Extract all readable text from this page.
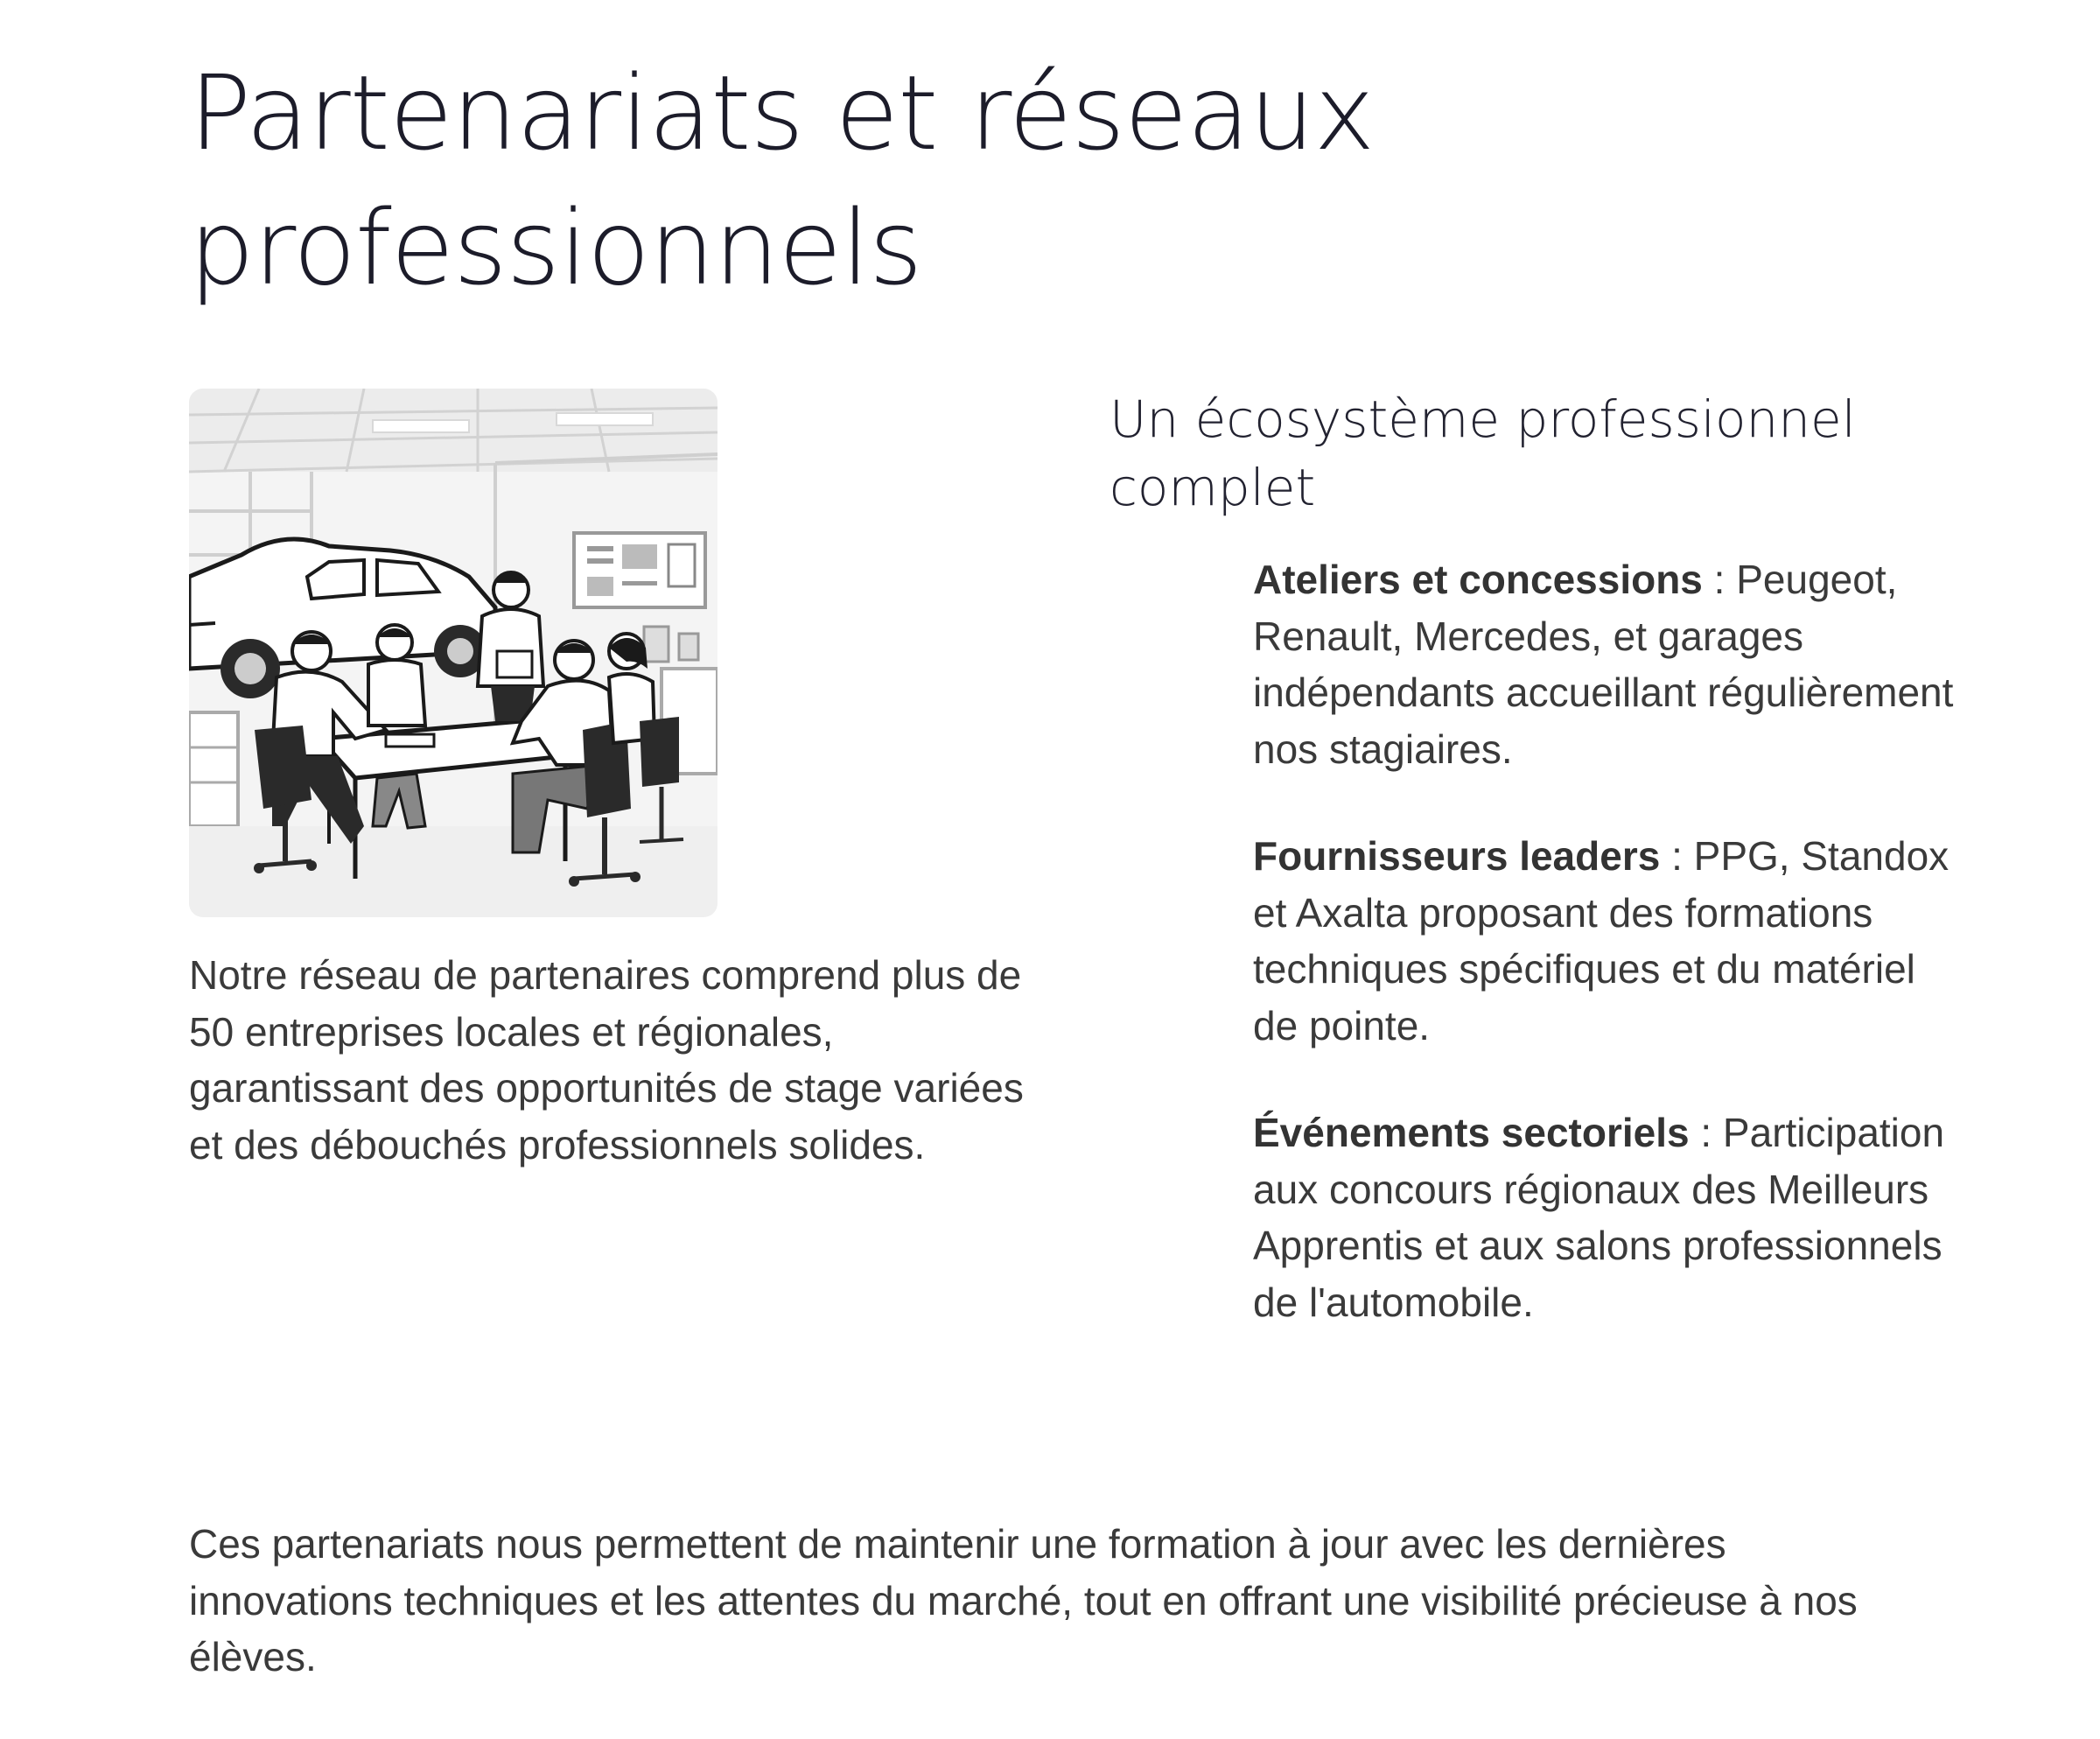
Partenariats et réseaux professionnels

Notre réseau de partenaires comprend plus de 50 entreprises locales et régionales, garantissant des opportunités de stage variées et des débouchés professionnels solides.

Un écosystème professionnel complet
Ateliers et concessions : Peugeot, Renault, Mercedes, et garages indépendants accueillant régulièrement nos stagiaires.
Fournisseurs leaders : PPG, Standox et Axalta proposant des formations techniques spécifiques et du matériel de pointe.
Événements sectoriels : Participation aux concours régionaux des Meilleurs Apprentis et aux salons professionnels de l'automobile.

Ces partenariats nous permettent de maintenir une formation à jour avec les dernières innovations techniques et les attentes du marché, tout en offrant une visibilité précieuse à nos élèves.
